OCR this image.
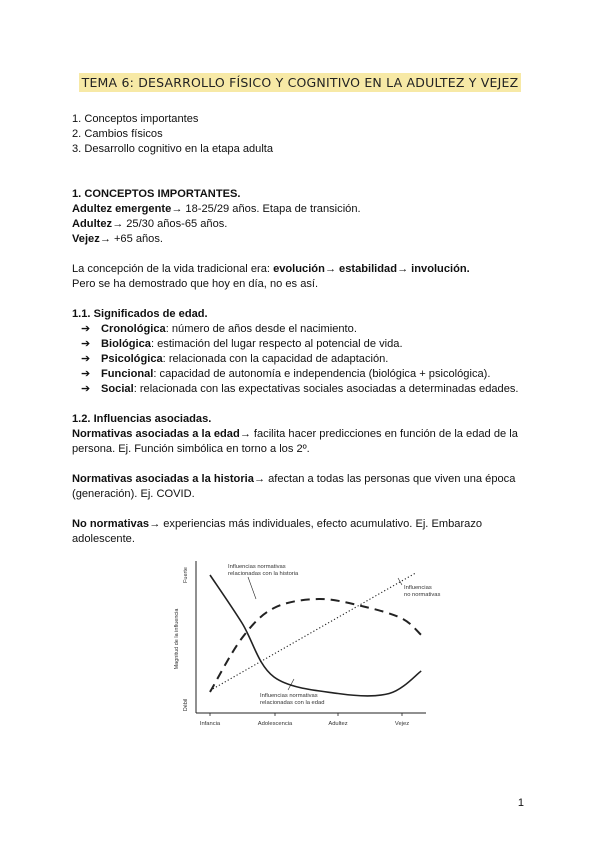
TEMA 6: DESARROLLO FÍSICO Y COGNITIVO EN LA ADULTEZ Y VEJEZ

1. Conceptos importantes

2. Cambios físicos

3. Desarrollo cognitivo en la etapa adulta

1. CONCEPTOS IMPORTANTES.

Adultez emergente→ 18-25/29 años. Etapa de transición.

Adultez→ 25/30 años-65 años.

Vejez→ +65 años.

La concepción de la vida tradicional era: evolución→ estabilidad→ involución.

Pero se ha demostrado que hoy en día, no es así.

1.1. Significados de edad.

➔ Cronológica: número de años desde el nacimiento.
➔ Biológica: estimación del lugar respecto al potencial de vida.
➔ Psicológica: relacionada con la capacidad de adaptación.
➔ Funcional: capacidad de autonomía e independencia (biológica + psicológica).
➔ Social: relacionada con las expectativas sociales asociadas a determinadas edades.

1.2. Influencias asociadas.

Normativas asociadas a la edad→ facilita hacer predicciones en función de la edad de la

persona. Ej. Función simbólica en torno a los 2º.

Normativas asociadas a la historia→ afectan a todas las personas que viven una época

(generación). Ej. COVID.

No normativas→ experiencias más individuales, efecto acumulativo. Ej. Embarazo

adolescente.

Magnitud de la influencia
Fuerte
Débil
Infancia	Adolescencia	Adultez	Vejez
Influencias normativas
relacionadas con la historia
Influencias
no normativas
Influencias normativas
relacionadas con la edad
1
